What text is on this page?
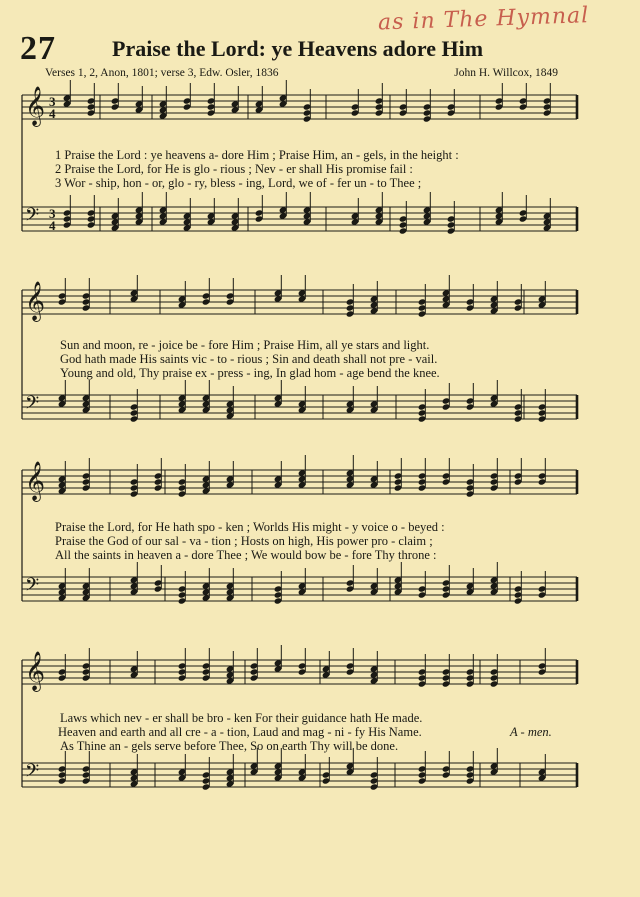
as in The Hymnal
27	Praise the Lord: ye Heavens adore Him
Verses 1, 2, Anon, 1801; verse 3, Edw. Osler, 1836	John H. Willcox, 1849
𝄞 3
4
𝄢 3
4
𝄞
𝄢
𝄞
𝄢
𝄞
𝄢
1 Praise the Lord : ye heavens a- dore Him ; Praise Him, an - gels, in the height :
2 Praise the Lord, for He is glo - rious ; Nev - er shall His promise fail :
3 Wor - ship, hon - or, glo - ry, bless - ing, Lord, we of - fer un - to Thee ;
Sun and moon, re - joice be - fore Him ; Praise Him, all ye stars and light.
God hath made His saints vic - to - rious ; Sin and death shall not pre - vail.
Young and old, Thy praise ex - press - ing, In glad hom - age bend the knee.
Praise the Lord, for He hath spo - ken ; Worlds His might - y voice o - beyed :
Praise the God of our sal - va - tion ; Hosts on high, His power pro - claim ;
All the saints in heaven a - dore Thee ; We would bow be - fore Thy throne :
Laws which nev - er shall be bro - ken For their guidance hath He made.
Heaven and earth and all cre - a - tion, Laud and mag - ni - fy His Name.
As Thine an - gels serve before Thee, So on earth Thy will be done.
A - men.
